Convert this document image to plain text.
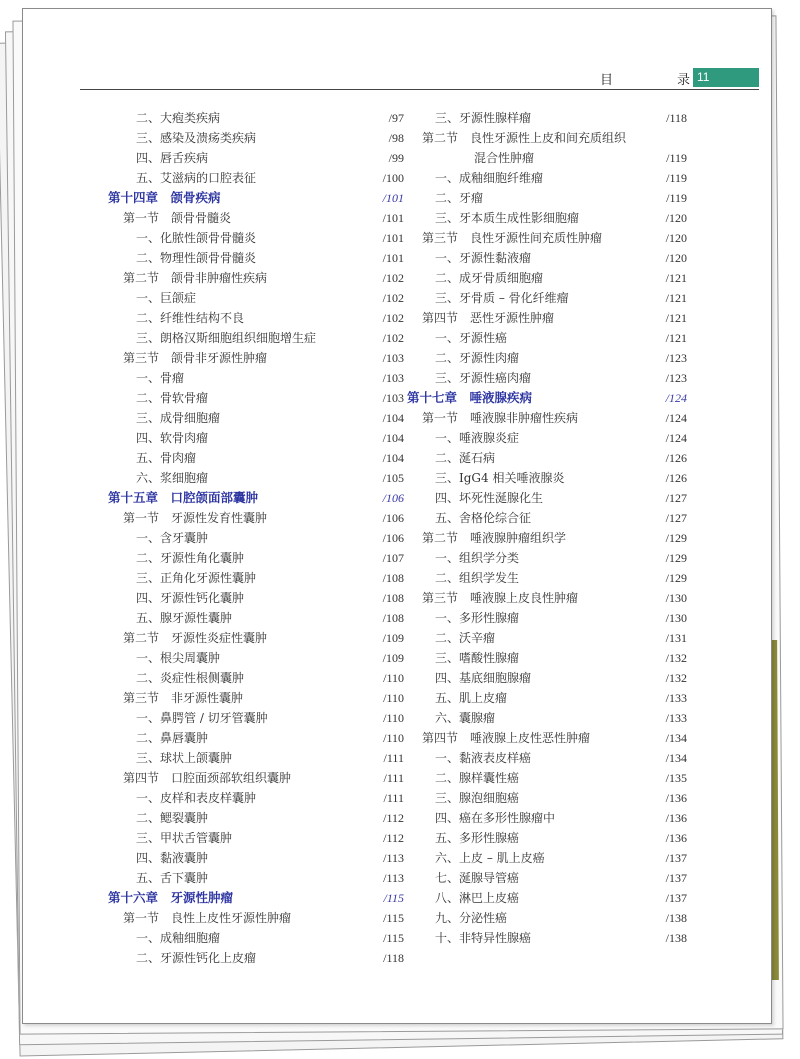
目	录 11
二、大疱类疾病	/97
三、感染及溃疡类疾病	/98
四、唇舌疾病	/99
五、艾滋病的口腔表征	/100
第十四章　颌骨疾病	/101
第一节　颌骨骨髓炎	/101
一、化脓性颌骨骨髓炎	/101
二、物理性颌骨骨髓炎	/101
第二节　颌骨非肿瘤性疾病	/102
一、巨颌症	/102
二、纤维性结构不良	/102
三、朗格汉斯细胞组织细胞增生症	/102
第三节　颌骨非牙源性肿瘤	/103
一、骨瘤	/103
二、骨软骨瘤	/103
三、成骨细胞瘤	/104
四、软骨肉瘤	/104
五、骨肉瘤	/104
六、浆细胞瘤	/105
第十五章　口腔颌面部囊肿	/106
第一节　牙源性发育性囊肿	/106
一、含牙囊肿	/106
二、牙源性角化囊肿	/107
三、正角化牙源性囊肿	/108
四、牙源性钙化囊肿	/108
五、腺牙源性囊肿	/108
第二节　牙源性炎症性囊肿	/109
一、根尖周囊肿	/109
二、炎症性根侧囊肿	/110
第三节　非牙源性囊肿	/110
一、鼻腭管 / 切牙管囊肿	/110
二、鼻唇囊肿	/110
三、球状上颌囊肿	/111
第四节　口腔面颈部软组织囊肿	/111
一、皮样和表皮样囊肿	/111
二、鳃裂囊肿	/112
三、甲状舌管囊肿	/112
四、黏液囊肿	/113
五、舌下囊肿	/113
第十六章　牙源性肿瘤	/115
第一节　良性上皮性牙源性肿瘤	/115
一、成釉细胞瘤	/115
二、牙源性钙化上皮瘤	/118
三、牙源性腺样瘤	/118
第二节　良性牙源性上皮和间充质组织
混合性肿瘤	/119
一、成釉细胞纤维瘤	/119
二、牙瘤	/119
三、牙本质生成性影细胞瘤	/120
第三节　良性牙源性间充质性肿瘤	/120
一、牙源性黏液瘤	/120
二、成牙骨质细胞瘤	/121
三、牙骨质 – 骨化纤维瘤	/121
第四节　恶性牙源性肿瘤	/121
一、牙源性癌	/121
二、牙源性肉瘤	/123
三、牙源性癌肉瘤	/123
第十七章　唾液腺疾病	/124
第一节　唾液腺非肿瘤性疾病	/124
一、唾液腺炎症	/124
二、涎石病	/126
三、IgG4 相关唾液腺炎	/126
四、坏死性涎腺化生	/127
五、舍格伦综合征	/127
第二节　唾液腺肿瘤组织学	/129
一、组织学分类	/129
二、组织学发生	/129
第三节　唾液腺上皮良性肿瘤	/130
一、多形性腺瘤	/130
二、沃辛瘤	/131
三、嗜酸性腺瘤	/132
四、基底细胞腺瘤	/132
五、肌上皮瘤	/133
六、囊腺瘤	/133
第四节　唾液腺上皮性恶性肿瘤	/134
一、黏液表皮样癌	/134
二、腺样囊性癌	/135
三、腺泡细胞癌	/136
四、癌在多形性腺瘤中	/136
五、多形性腺癌	/136
六、上皮 – 肌上皮癌	/137
七、涎腺导管癌	/137
八、淋巴上皮癌	/137
九、分泌性癌	/138
十、非特异性腺癌	/138
